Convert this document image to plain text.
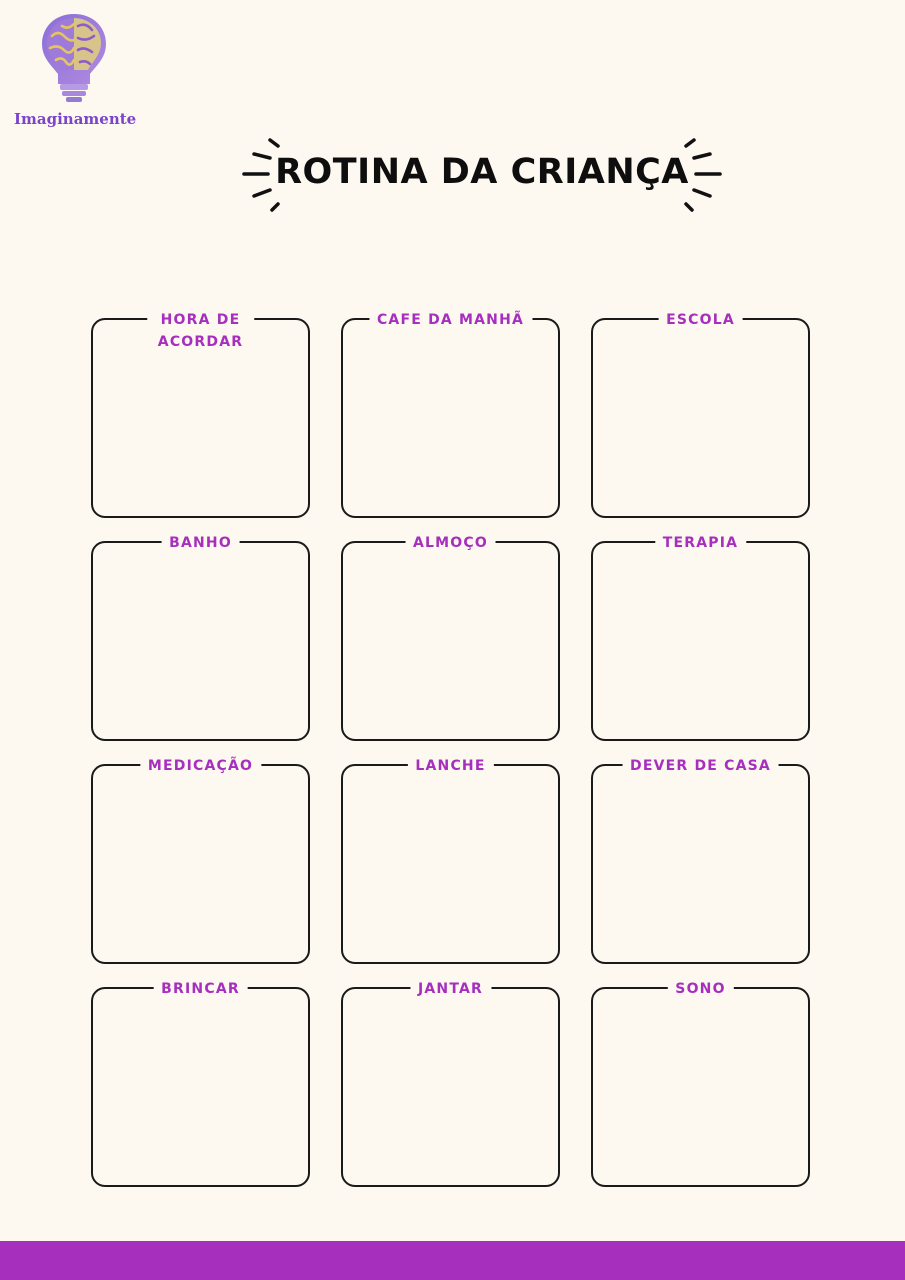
Imaginamente
ROTINA DA CRIANÇA
HORA DE ACORDAR
CAFE DA MANHÃ	ESCOLA
BANHO	ALMOÇO	TERAPIA
MEDICAÇÃO	LANCHE	DEVER DE CASA
BRINCAR	JANTAR	SONO
